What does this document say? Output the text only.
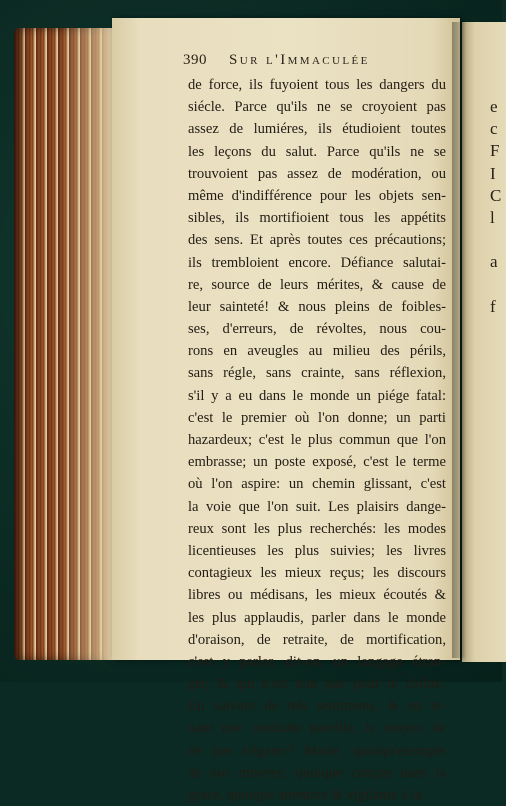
e
c
F
I
C
l
a
f
390 Sur l'Immaculée
de force, ils fuyoient tous les dangers du
siécle. Parce qu'ils ne se croyoient pas
assez de lumiéres, ils étudioient toutes
les leçons du salut. Parce qu'ils ne se
trouvoient pas assez de modération, ou
même d'indifférence pour les objets sen-
sibles, ils mortifioient tous les appétits
des sens. Et après toutes ces précautions;
ils trembloient encore. Défiance salutai-
re, source de leurs mérites, & cause de
leur sainteté! & nous pleins de foibles-
ses, d'erreurs, de révoltes, nous cou-
rons en aveugles au milieu des périls,
sans régle, sans crainte, sans réflexion,
s'il y a eu dans le monde un piége fatal:
c'est le premier où l'on donne; un parti
hazardeux; c'est le plus commun que l'on
embrasse; un poste exposé, c'est le terme
où l'on aspire: un chemin glissant, c'est
la voie que l'on suit. Les plaisirs dange-
reux sont les plus recherchés: les modes
licentieuses les plus suivies; les livres
contagieux les mieux reçus; les discours
libres ou médisans, les mieux écoutés &
les plus applaudis, parler dans le monde
d'oraison, de retraite, de mortification,
c'est y parler, dit-on, un langage étran-
ger, & qui n'est bon que pour le cloître.
En suivant de tels sentimens, & en te-
nant une conduite pareille, le moyen de
ne pas s'égarer? Marie, quoiqu'exempte
de nos misères; quoique conçue dans la
grace, quoique attentive & vigilante à la
